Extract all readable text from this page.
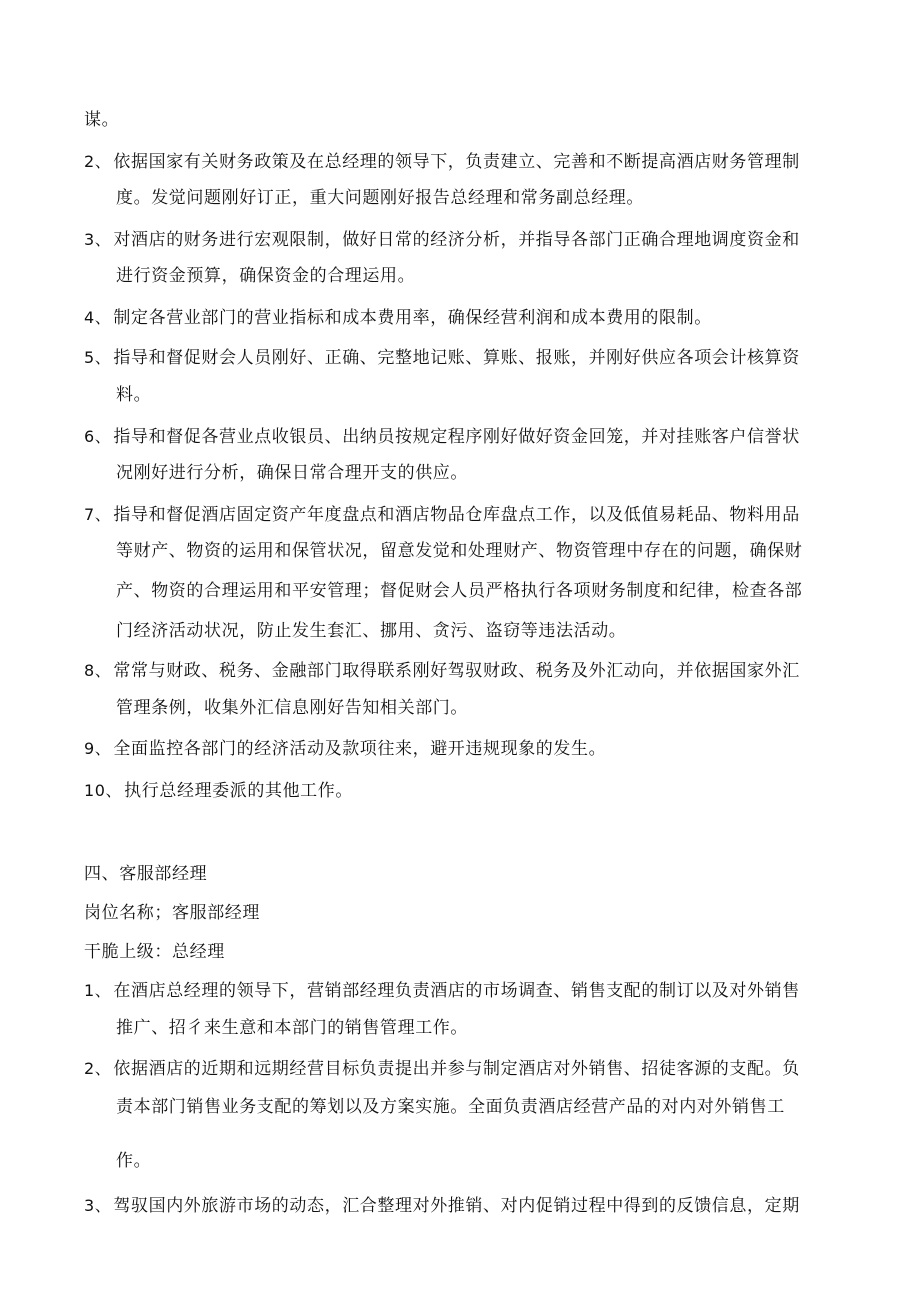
谋。
2、 依据国家有关财务政策及在总经理的领导下，负责建立、完善和不断提高酒店财务管理制
度。发觉问题刚好订正，重大问题刚好报告总经理和常务副总经理。
3、 对酒店的财务进行宏观限制，做好日常的经济分析，并指导各部门正确合理地调度资金和
进行资金预算，确保资金的合理运用。
4、 制定各营业部门的营业指标和成本费用率，确保经营利润和成本费用的限制。
5、 指导和督促财会人员刚好、正确、完整地记账、算账、报账，并刚好供应各项会计核算资
料。
6、 指导和督促各营业点收银员、出纳员按规定程序刚好做好资金回笼，并对挂账客户信誉状
况刚好进行分析，确保日常合理开支的供应。
7、 指导和督促酒店固定资产年度盘点和酒店物品仓库盘点工作，以及低值易耗品、物料用品
等财产、物资的运用和保管状况，留意发觉和处理财产、物资管理中存在的问题，确保财
产、物资的合理运用和平安管理；督促财会人员严格执行各项财务制度和纪律，检查各部
门经济活动状况，防止发生套汇、挪用、贪污、盗窃等违法活动。
8、 常常与财政、税务、金融部门取得联系刚好驾驭财政、税务及外汇动向，并依据国家外汇
管理条例，收集外汇信息刚好告知相关部门。
9、 全面监控各部门的经济活动及款项往来，避开违规现象的发生。
10、 执行总经理委派的其他工作。
四、客服部经理
岗位名称；客服部经理
干脆上级：总经理
1、 在酒店总经理的领导下，营销部经理负责酒店的市场调查、销售支配的制订以及对外销售
推广、招彳来生意和本部门的销售管理工作。
2、 依据酒店的近期和远期经营目标负责提出并参与制定酒店对外销售、招徒客源的支配。负
责本部门销售业务支配的筹划以及方案实施。全面负责酒店经营产品的对内对外销售工
作。
3、 驾驭国内外旅游市场的动态，汇合整理对外推销、对内促销过程中得到的反馈信息，定期
